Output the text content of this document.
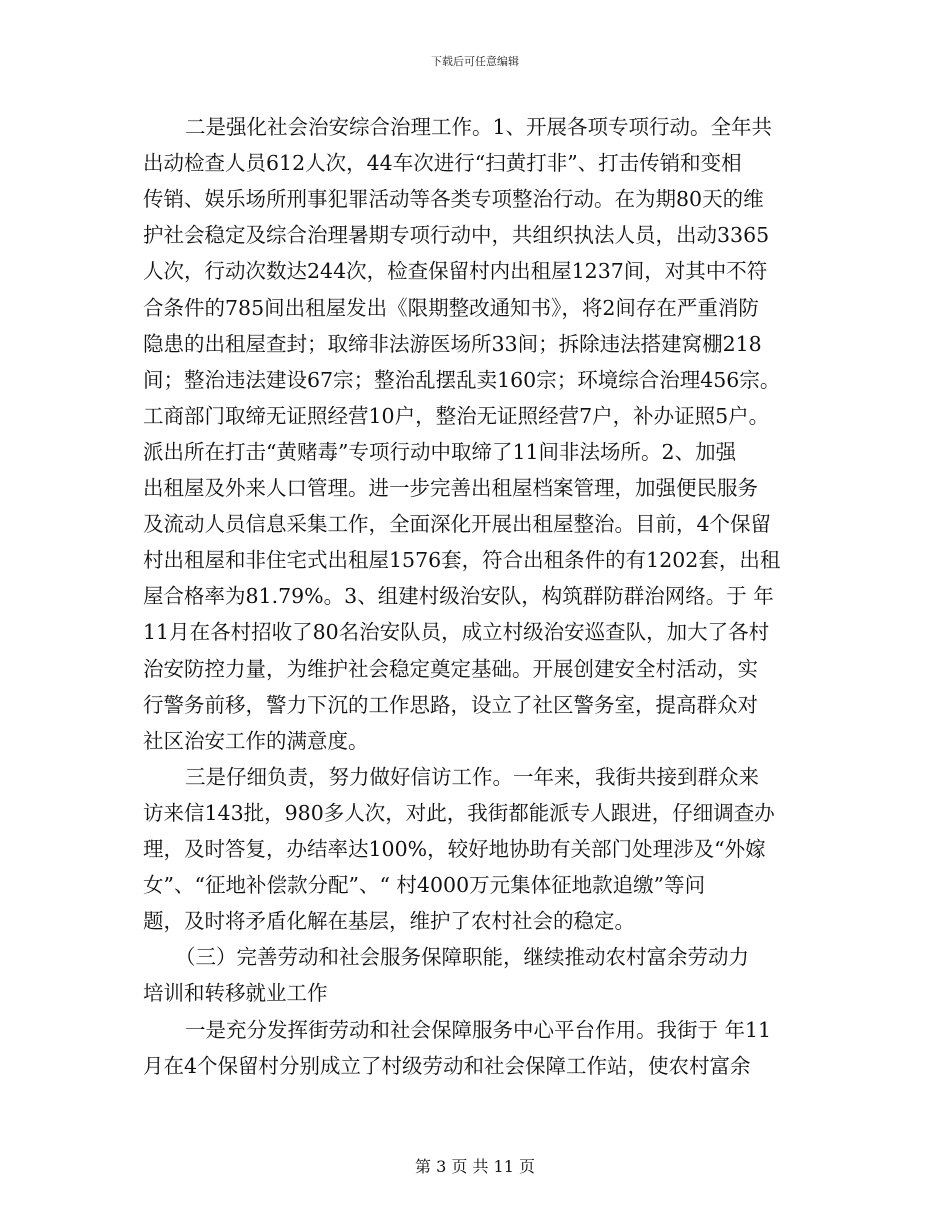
下载后可任意编辑
二是强化社会治安综合治理工作。1、开展各项专项行动。全年共
出动检查人员612人次，44车次进行“扫黄打非”、打击传销和变相
传销、娱乐场所刑事犯罪活动等各类专项整治行动。在为期80天的维
护社会稳定及综合治理暑期专项行动中，共组织执法人员，出动3365
人次，行动次数达244次，检查保留村内出租屋1237间，对其中不符
合条件的785间出租屋发出《限期整改通知书》，将2间存在严重消防
隐患的出租屋查封；取缔非法游医场所33间；拆除违法搭建窝棚218
间；整治违法建设67宗；整治乱摆乱卖160宗；环境综合治理456宗。
工商部门取缔无证照经营10户，整治无证照经营7户，补办证照5户。
派出所在打击“黄赌毒”专项行动中取缔了11间非法场所。2、加强
出租屋及外来人口管理。进一步完善出租屋档案管理，加强便民服务
及流动人员信息采集工作，全面深化开展出租屋整治。目前，4个保留
村出租屋和非住宅式出租屋1576套，符合出租条件的有1202套，出租
屋合格率为81.79%。3、组建村级治安队，构筑群防群治网络。于 年
11月在各村招收了80名治安队员，成立村级治安巡查队，加大了各村
治安防控力量，为维护社会稳定奠定基础。开展创建安全村活动，实
行警务前移，警力下沉的工作思路，设立了社区警务室，提高群众对
社区治安工作的满意度。
三是仔细负责，努力做好信访工作。一年来，我街共接到群众来
访来信143批，980多人次，对此，我街都能派专人跟进，仔细调查办
理，及时答复，办结率达100%，较好地协助有关部门处理涉及“外嫁
女”、“征地补偿款分配”、“ 村4000万元集体征地款追缴”等问
题，及时将矛盾化解在基层，维护了农村社会的稳定。
（三）完善劳动和社会服务保障职能，继续推动农村富余劳动力
培训和转移就业工作
一是充分发挥街劳动和社会保障服务中心平台作用。我街于 年11
月在4个保留村分别成立了村级劳动和社会保障工作站，使农村富余
第 3 页 共 11 页
